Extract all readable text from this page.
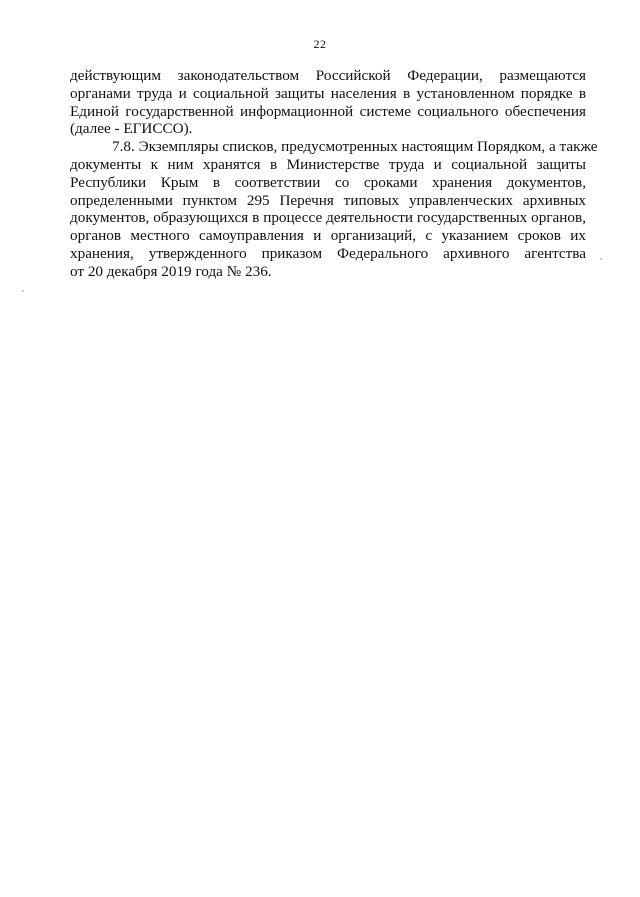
22
действующим законодательством Российской Федерации, размещаются
органами труда и социальной защиты населения в установленном порядке в
Единой государственной информационной системе социального обеспечения
(далее - ЕГИССО).
7.8. Экземпляры списков, предусмотренных настоящим Порядком, а также
документы к ним хранятся в Министерстве труда и социальной защиты
Республики Крым в соответствии со сроками хранения документов,
определенными пунктом 295 Перечня типовых управленческих архивных
документов, образующихся в процессе деятельности государственных органов,
органов местного самоуправления и организаций, с указанием сроков их
хранения, утвержденного приказом Федерального архивного агентства
от 20 декабря 2019 года № 236.
